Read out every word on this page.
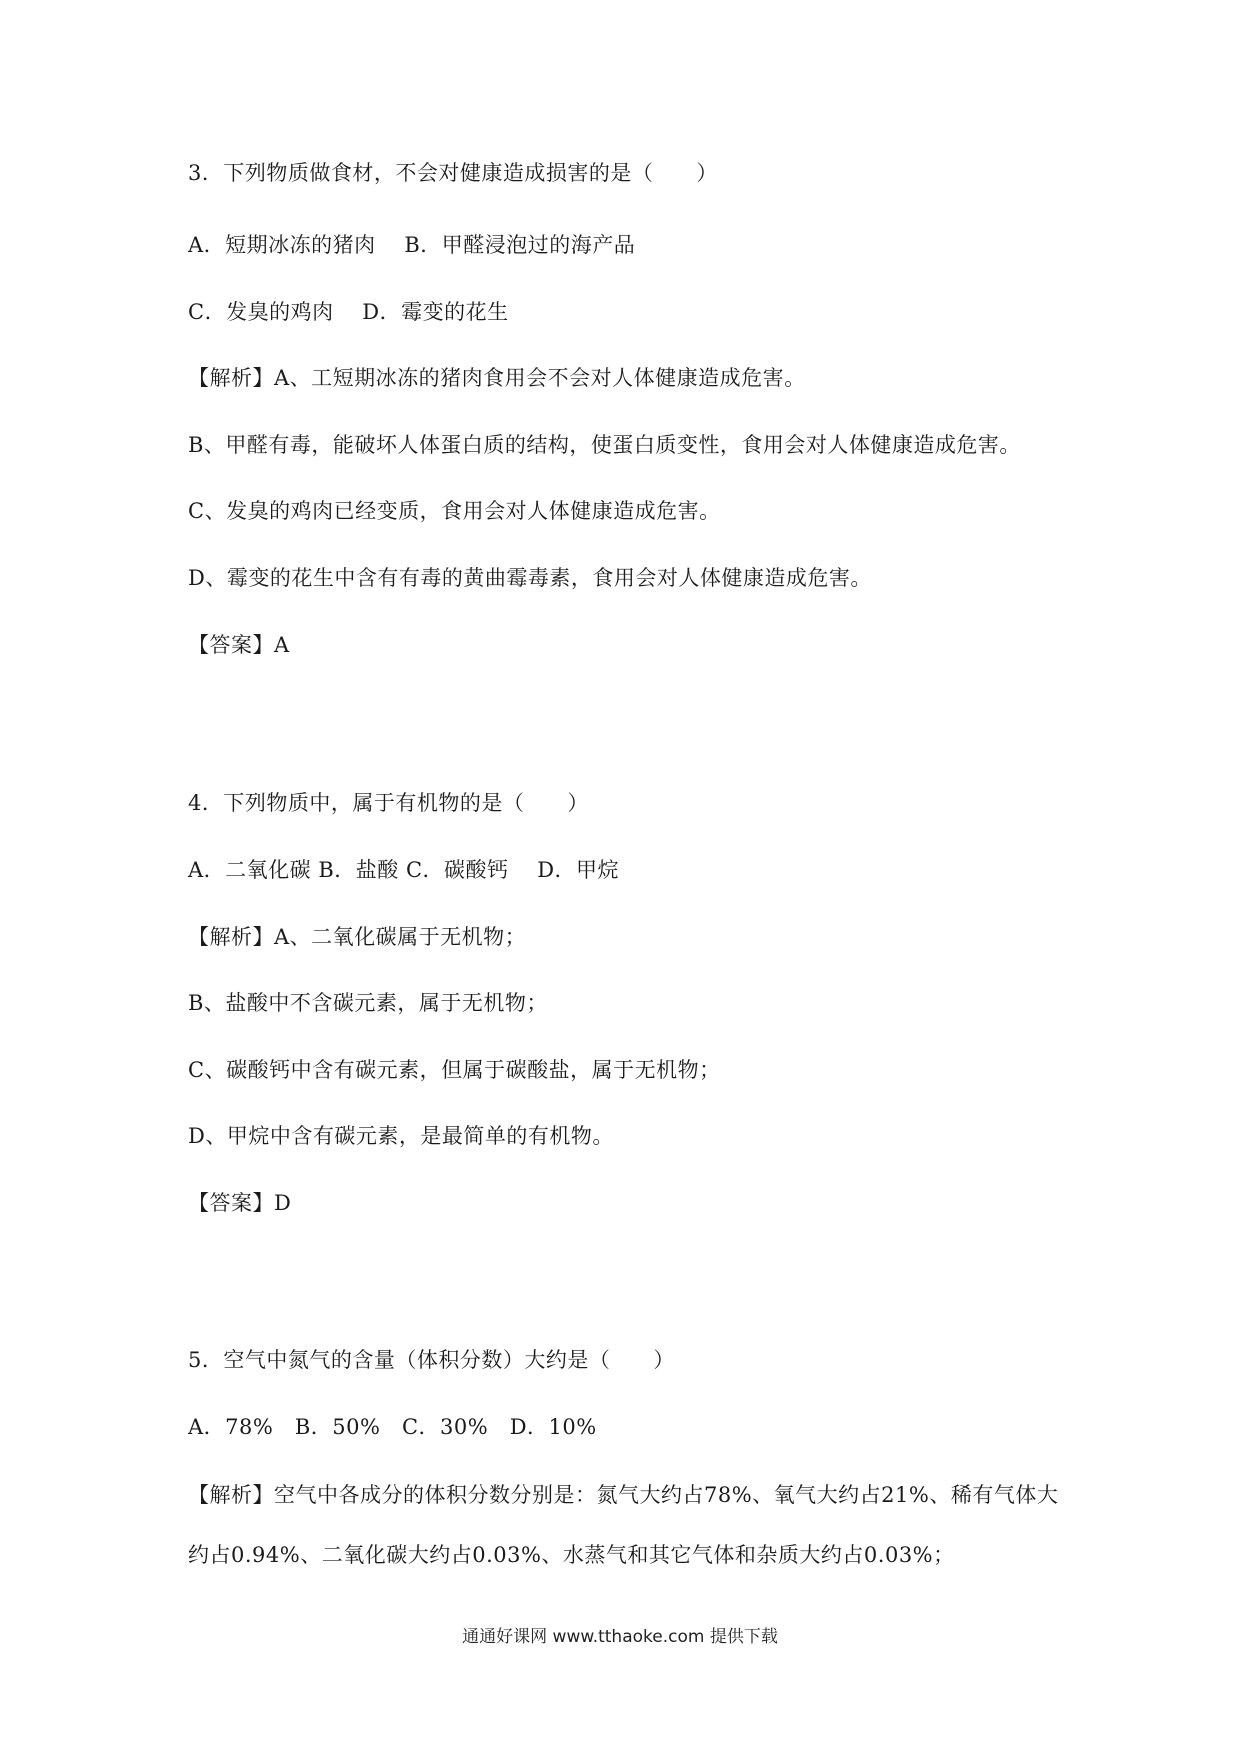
3．下列物质做食材，不会对健康造成损害的是（　　）
A．短期冰冻的猪肉　 B．甲醛浸泡过的海产品
C．发臭的鸡肉　 D．霉变的花生
【解析】A、工短期冰冻的猪肉食用会不会对人体健康造成危害。
B、甲醛有毒，能破坏人体蛋白质的结构，使蛋白质变性，食用会对人体健康造成危害。
C、发臭的鸡肉已经变质，食用会对人体健康造成危害。
D、霉变的花生中含有有毒的黄曲霉毒素，食用会对人体健康造成危害。
【答案】A
4．下列物质中，属于有机物的是（　　）
A．二氧化碳 B．盐酸 C．碳酸钙　 D．甲烷
【解析】A、二氧化碳属于无机物；
B、盐酸中不含碳元素，属于无机物；
C、碳酸钙中含有碳元素，但属于碳酸盐，属于无机物；
D、甲烷中含有碳元素，是最简单的有机物。
【答案】D
5．空气中氮气的含量（体积分数）大约是（　　）
A．78%　B．50%　C．30%　D．10%
【解析】空气中各成分的体积分数分别是：氮气大约占78%、氧气大约占21%、稀有气体大
约占0.94%、二氧化碳大约占0.03%、水蒸气和其它气体和杂质大约占0.03%；
通通好课网 www.tthaoke.com 提供下载
